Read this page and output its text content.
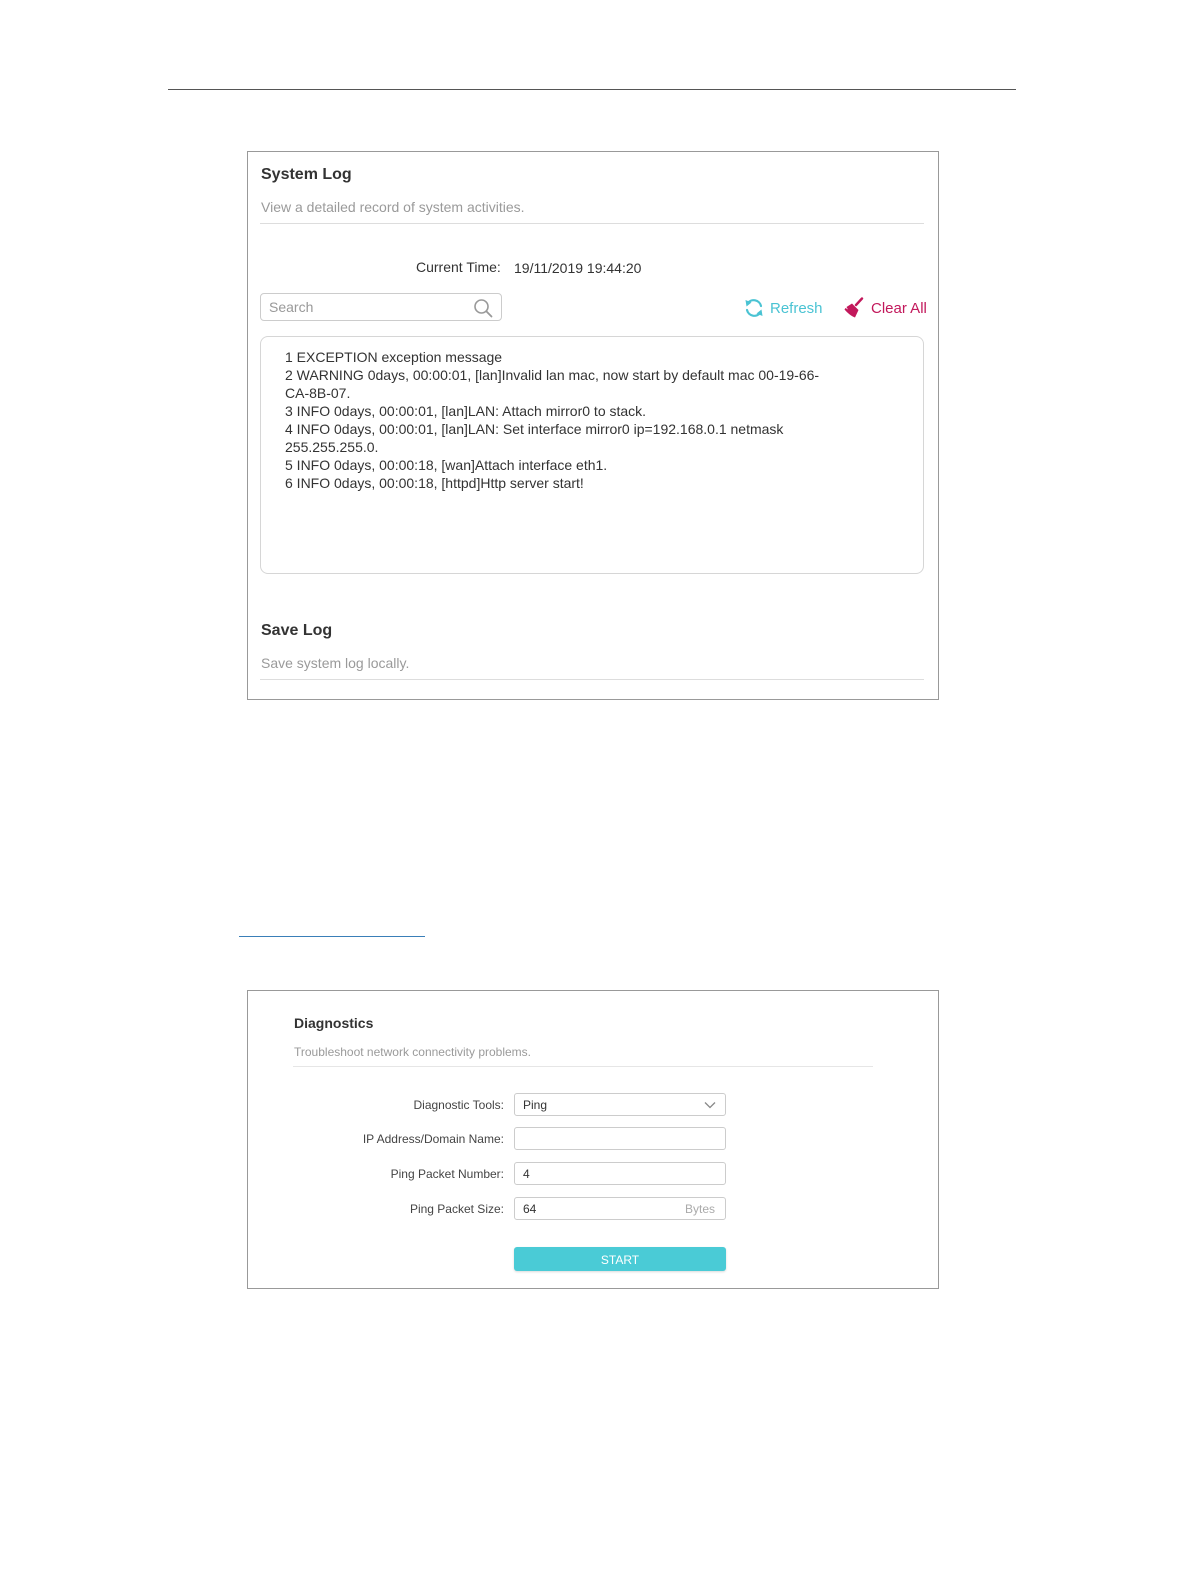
System Log
View a detailed record of system activities.
Current Time: 19/11/2019 19:44:20
Search
Refresh	Clear All
1 EXCEPTION exception message
2 WARNING 0days, 00:00:01, [lan]Invalid lan mac, now start by default mac 00-19-66-
CA-8B-07.
3 INFO 0days, 00:00:01, [lan]LAN: Attach mirror0 to stack.
4 INFO 0days, 00:00:01, [lan]LAN: Set interface mirror0 ip=192.168.0.1 netmask
255.255.255.0.
5 INFO 0days, 00:00:18, [wan]Attach interface eth1.
6 INFO 0days, 00:00:18, [httpd]Http server start!
Save Log
Save system log locally.
Diagnostics
Troubleshoot network connectivity problems.
Diagnostic Tools: Ping
IP Address/Domain Name:
Ping Packet Number:
4
Ping Packet Size:
64	Bytes
START
